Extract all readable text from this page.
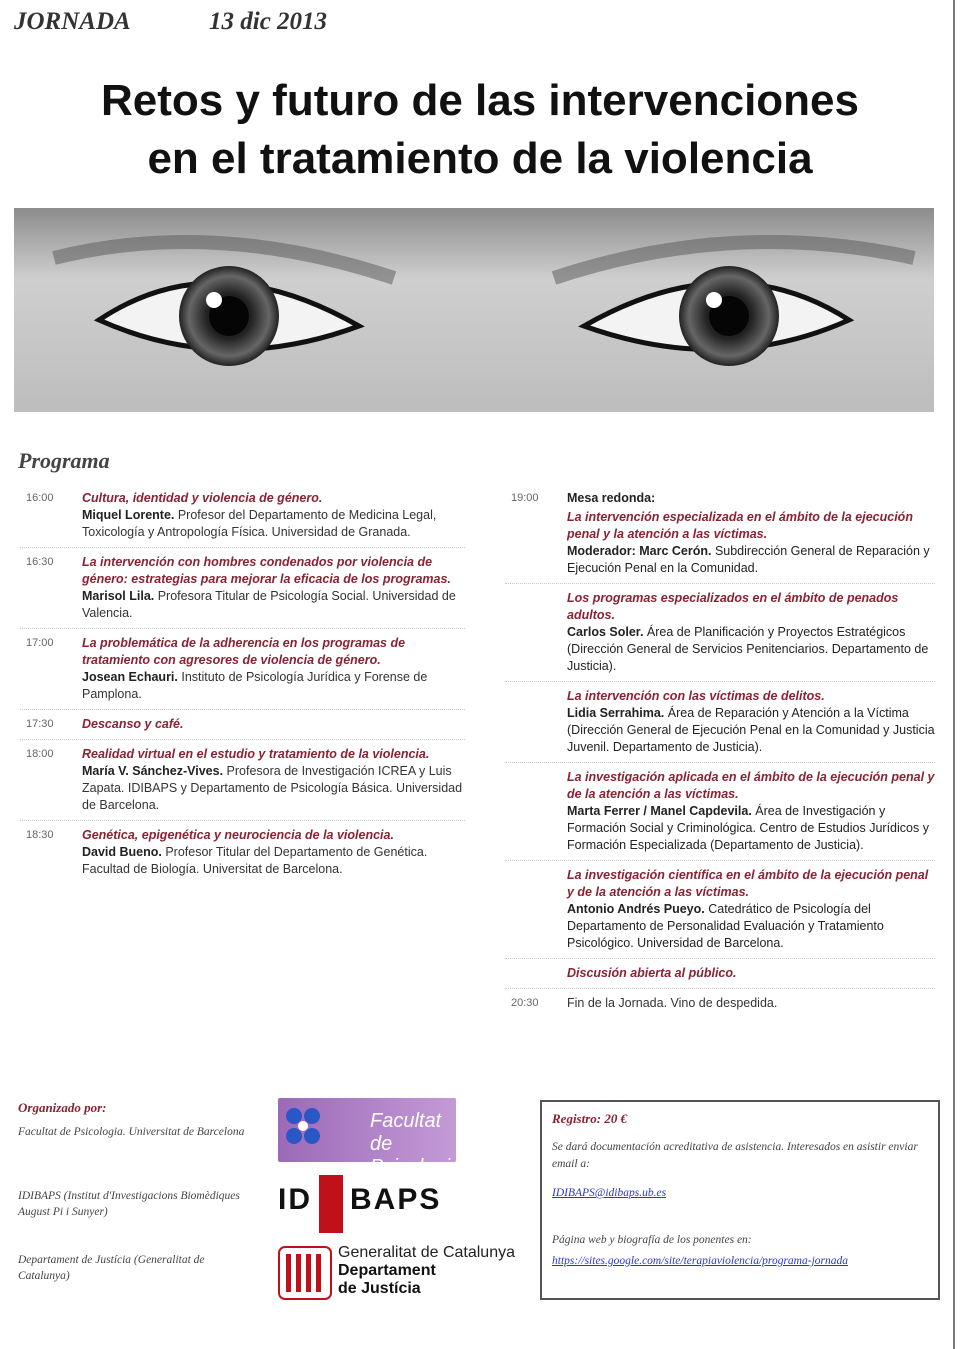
JORNADA	13 dic 2013
Retos y futuro de las intervenciones
en el tratamiento de la violencia
Programa
16:00 Cultura, identidad y violencia de género.
Miquel Lorente. Profesor del Departamento de Medicina Legal, Toxicología y Antropología Física. Universidad de Granada.
16:30 La intervención con hombres condenados por violencia de género: estrategias para mejorar la eficacia de los programas.
Marisol Lila. Profesora Titular de Psicología Social. Universidad de Valencia.
17:00 La problemática de la adherencia en los programas de tratamiento con agresores de violencia de género.
Josean Echauri. Instituto de Psicología Jurídica y Forense de Pamplona.
17:30 Descanso y café.
18:00 Realidad virtual en el estudio y tratamiento de la violencia.
María V. Sánchez-Vives. Profesora de Investigación ICREA y Luis Zapata. IDIBAPS y Departamento de Psicología Básica. Universidad de Barcelona.
18:30 Genética, epigenética y neurociencia de la violencia.
David Bueno. Profesor Titular del Departamento de Genética. Facultad de Biología. Universitat de Barcelona.
19:00 Mesa redonda:
La intervención especializada en el ámbito de la ejecución penal y la atención a las víctimas.
Moderador: Marc Cerón. Subdirección General de Reparación y Ejecución Penal en la Comunidad.
Los programas especializados en el ámbito de penados adultos.
Carlos Soler. Área de Planificación y Proyectos Estratégicos (Dirección General de Servicios Penitenciarios. Departamento de Justicia).
La intervención con las víctimas de delitos.
Lidia Serrahima. Área de Reparación y Atención a la Víctima (Dirección General de Ejecución Penal en la Comunidad y Justicia Juvenil. Departamento de Justicia).
La investigación aplicada en el ámbito de la ejecución penal y de la atención a las víctimas.
Marta Ferrer / Manel Capdevila. Área de Investigación y Formación Social y Criminológica. Centro de Estudios Jurídicos y Formación Especializada (Departamento de Justicia).
La investigación científica en el ámbito de la ejecución penal y de la atención a las víctimas.
Antonio Andrés Pueyo. Catedrático de Psicología del Departamento de Personalidad Evaluación y Tratamiento Psicológico. Universidad de Barcelona.
Discusión abierta al público.
20:30 Fin de la Jornada. Vino de despedida.
Organizado por:
Facultat de Psicologia. Universitat de Barcelona
IDIBAPS (Institut d'Investigacions Biomèdiques August Pi i Sunyer)
Departament de Justícia (Generalitat de Catalunya)
Facultat de Psicologia
ID BAPS
Generalitat de Catalunya
Departament
de Justícia
Registro: 20 €

Se dará documentación acreditativa de asistencia. Interesados en asistir enviar email a:

IDIBAPS@idibaps.ub.es

Página web y biografía de los ponentes en:

https://sites.google.com/site/terapiaviolencia/programa-jornada
